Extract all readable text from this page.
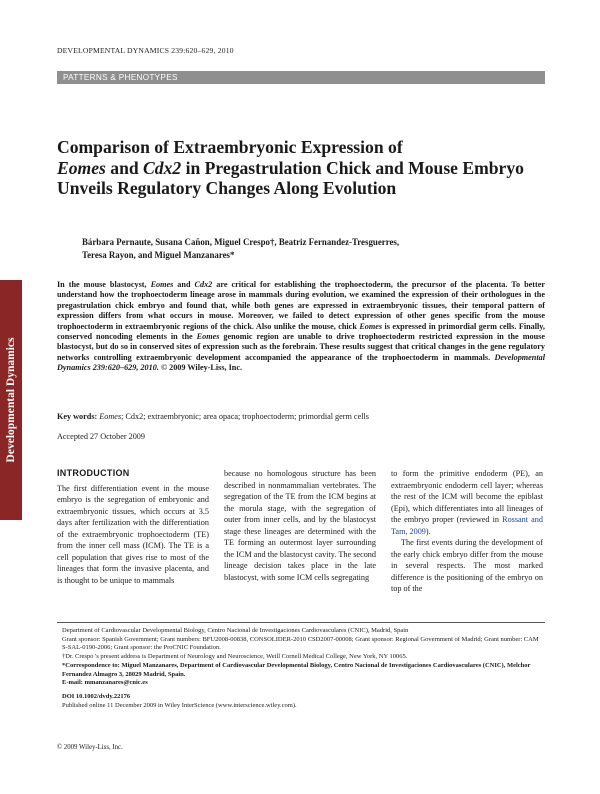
DEVELOPMENTAL DYNAMICS 239:620–629, 2010
PATTERNS & PHENOTYPES
Developmental Dynamics
Comparison of Extraembryonic Expression of
Eomes and Cdx2 in Pregastrulation Chick and Mouse Embryo Unveils Regulatory Changes Along Evolution
Bárbara Pernaute, Susana Cañon, Miguel Crespo†, Beatriz Fernandez-Tresguerres,
Teresa Rayon, and Miguel Manzanares*

In the mouse blastocyst, Eomes and Cdx2 are critical for establishing the trophoectoderm, the precursor of the placenta. To better understand how the trophoectoderm lineage arose in mammals during evolution, we examined the expression of their orthologues in the pregastrulation chick embryo and found that, while both genes are expressed in extraembryonic tissues, their temporal pattern of expression differs from what occurs in mouse. Moreover, we failed to detect expression of other genes specific from the mouse trophoectoderm in extraembryonic regions of the chick. Also unlike the mouse, chick Eomes is expressed in primordial germ cells. Finally, conserved noncoding elements in the Eomes genomic region are unable to drive trophoectoderm restricted expression in the mouse blastocyst, but do so in conserved sites of expression such as the forebrain. These results suggest that critical changes in the gene regulatory networks controlling extraembryonic development accompanied the appearance of the trophoectoderm in mammals. Developmental Dynamics 239:620–629, 2010. © 2009 Wiley-Liss, Inc.

Key words: Eomes; Cdx2; extraembryonic; area opaca; trophoectoderm; primordial germ cells
Accepted 27 October 2009

INTRODUCTION
The first differentiation event in the mouse embryo is the segregation of embryonic and extraembryonic tissues, which occurs at 3.5 days after fertilization with the differentiation of the extraembryonic trophoectoderm (TE) from the inner cell mass (ICM). The TE is a cell population that gives rise to most of the lineages that form the invasive placenta, and is thought to be unique to mammals

because no homologous structure has been described in nonmammalian vertebrates. The segregation of the TE from the ICM begins at the morula stage, with the segregation of outer from inner cells, and by the blastocyst stage these lineages are determined with the TE forming an outermost layer surrounding the ICM and the blastocyst cavity. The second lineage decision takes place in the late blastocyst, with some ICM cells segregating

to form the primitive endoderm (PE), an extraembryonic endoderm cell layer; whereas the rest of the ICM will become the epiblast (Epi), which differentiates into all lineages of the embryo proper (reviewed in Rossant and Tam, 2009).
The first events during the development of the early chick embryo differ from the mouse in several respects. The most marked difference is the positioning of the embryo on top of the

Department of Cardiovascular Developmental Biology, Centro Nacional de Investigaciones Cardiovasculares (CNIC), Madrid, Spain

Grant sponsor: Spanish Government; Grant numbers: BFU2008-00838, CONSOLIDER-2010 CSD2007-00008; Grant sponsor: Regional Government of Madrid; Grant number: CAM S-SAL-0190-2006; Grant sponsor: the ProCNIC Foundation.

†Dr. Crespo 's present address is Department of Neurology and Neuroscience, Weill Cornell Medical College, New York, NY 10065.

*Correspondence to: Miguel Manzanares, Department of Cardiovascular Developmental Biology, Centro Nacional de Investigaciones Cardiovasculares (CNIC), Melchor Fernandez Almagro 3, 28029 Madrid, Spain.

E-mail: mmanzanares@cnic.es

DOI 10.1002/dvdy.22176

Published online 11 December 2009 in Wiley InterScience (www.interscience.wiley.com).

© 2009 Wiley-Liss, Inc.
